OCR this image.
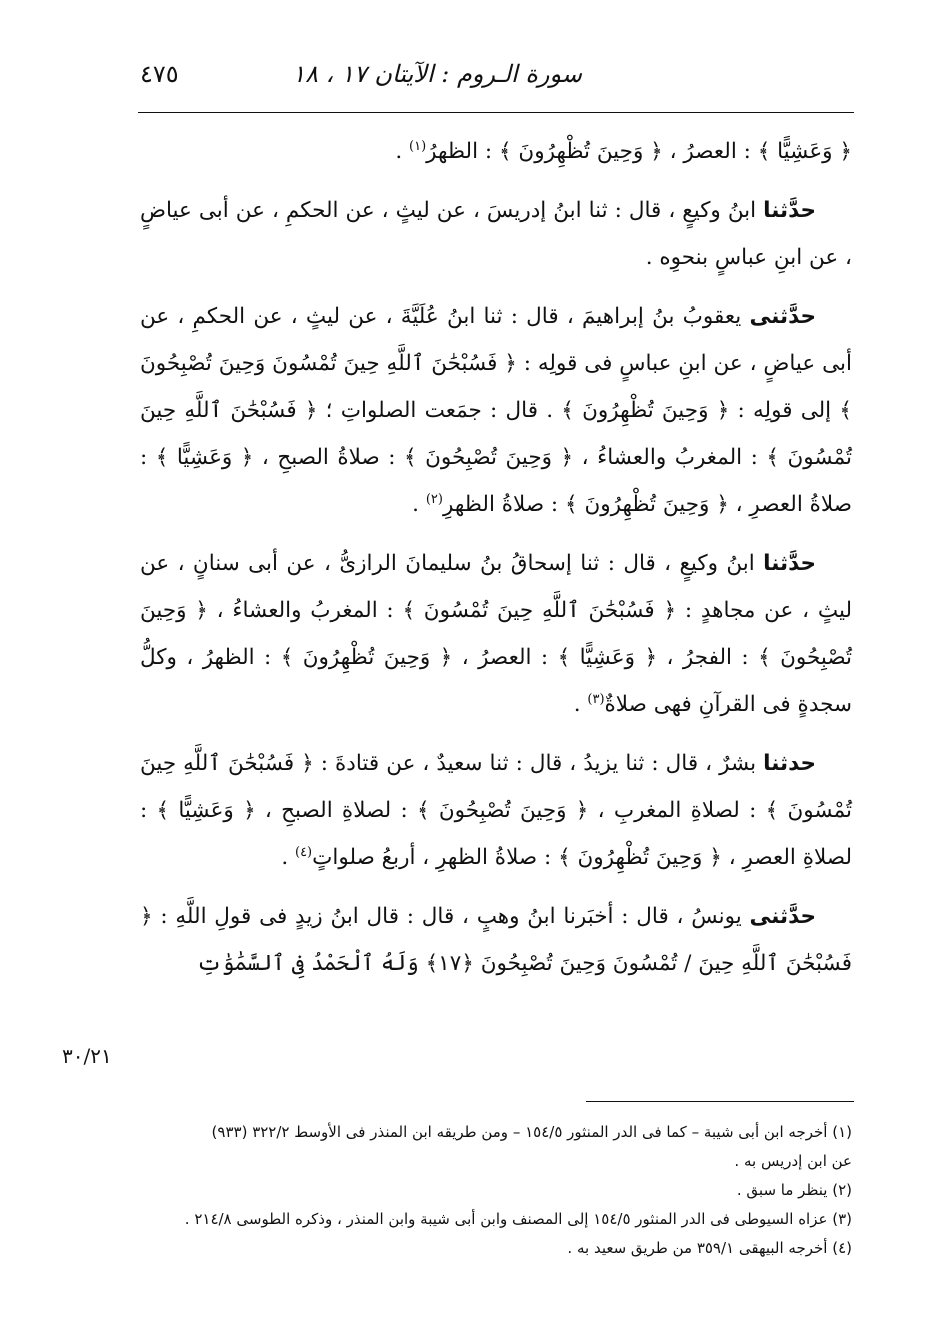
سورة الـروم : الآيتان ١٧ ، ١٨
٤٧٥

﴿ وَعَشِيًّا ﴾ : العصرُ ، ﴿ وَحِينَ تُظْهِرُونَ ﴾ : الظهرُ$^{(١)}$ .

حدَّثنا ابنُ وكيعٍ ، قال : ثنا ابنُ إدريسَ ، عن ليثٍ ، عن الحكمِ ، عن أبى عياضٍ ، عن ابنِ عباسٍ بنحوِه .

حدَّثنى يعقوبُ بنُ إبراهيمَ ، قال : ثنا ابنُ عُلَيَّةَ ، عن ليثٍ ، عن الحكمِ ، عن أبى عياضٍ ، عن ابنِ عباسٍ فى قولِه : ﴿ فَسُبْحَٰنَ ٱللَّهِ حِينَ تُمْسُونَ وَحِينَ تُصْبِحُونَ ﴾ إلى قولِه : ﴿ وَحِينَ تُظْهِرُونَ ﴾ . قال : جمَعت الصلواتِ ؛ ﴿ فَسُبْحَٰنَ ٱللَّهِ حِينَ تُمْسُونَ ﴾ : المغربُ والعشاءُ ، ﴿ وَحِينَ تُصْبِحُونَ ﴾ : صلاةُ الصبحِ ، ﴿ وَعَشِيًّا ﴾ : صلاةُ العصرِ ، ﴿ وَحِينَ تُظْهِرُونَ ﴾ : صلاةُ الظهرِ$^{(٢)}$ .

حدَّثنا ابنُ وكيعٍ ، قال : ثنا إسحاقُ بنُ سليمانَ الرازىُّ ، عن أبى سنانٍ ، عن ليثٍ ، عن مجاهدٍ : ﴿ فَسُبْحَٰنَ ٱللَّهِ حِينَ تُمْسُونَ ﴾ : المغربُ والعشاءُ ، ﴿ وَحِينَ تُصْبِحُونَ ﴾ : الفجرُ ، ﴿ وَعَشِيًّا ﴾ : العصرُ ، ﴿ وَحِينَ تُظْهِرُونَ ﴾ : الظهرُ ، وكلُّ سجدةٍ فى القرآنِ فهى صلاةٌ$^{(٣)}$ .

حدثنا بشرٌ ، قال : ثنا يزيدُ ، قال : ثنا سعيدٌ ، عن قتادةَ : ﴿ فَسُبْحَٰنَ ٱللَّهِ حِينَ تُمْسُونَ ﴾ : لصلاةِ المغربِ ، ﴿ وَحِينَ تُصْبِحُونَ ﴾ : لصلاةِ الصبحِ ، ﴿ وَعَشِيًّا ﴾ : لصلاةِ العصرِ ، ﴿ وَحِينَ تُظْهِرُونَ ﴾ : صلاةُ الظهرِ ، أربعُ صلواتٍ$^{(٤)}$ .

حدَّثنى يونسُ ، قال : أخبَرنا ابنُ وهبٍ ، قال : قال ابنُ زيدٍ فى قولِ اللَّهِ : ﴿ فَسُبْحَٰنَ ٱللَّهِ حِينَ / تُمْسُونَ وَحِينَ تُصْبِحُونَ ﴿١٧﴾ وَلَهُ ٱلْحَمْدُ فِى ٱلسَّمَٰوَٰتِ

٣٠/٢١

(١) أخرجه ابن أبى شيبة – كما فى الدر المنثور ١٥٤/٥ – ومن طريقه ابن المنذر فى الأوسط ٣٢٢/٢ (٩٣٣)

عن ابن إدريس به .

(٢) ينظر ما سبق .

(٣) عزاه السيوطى فى الدر المنثور ١٥٤/٥ إلى المصنف وابن أبى شيبة وابن المنذر ، وذكره الطوسى ٢١٤/٨ .

(٤) أخرجه البيهقى ٣٥٩/١ من طريق سعيد به .
